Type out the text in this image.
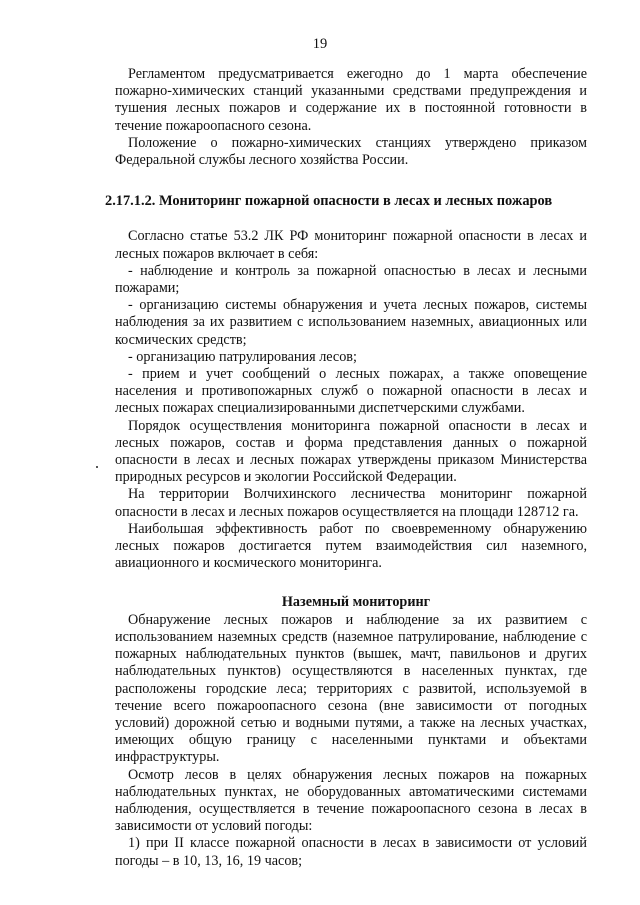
19

Регламентом предусматривается ежегодно до 1 марта обеспечение пожарно-химических станций указанными средствами предупреждения и тушения лесных пожаров и содержание их в постоянной готовности в течение пожароопасного сезона.

Положение о пожарно-химических станциях утверждено приказом Федеральной службы лесного хозяйства России.

2.17.1.2. Мониторинг пожарной опасности в лесах и лесных пожаров

Согласно статье 53.2 ЛК РФ мониторинг пожарной опасности в лесах и лесных пожаров включает в себя:

- наблюдение и контроль за пожарной опасностью в лесах и лесными пожарами;

- организацию системы обнаружения и учета лесных пожаров, системы наблюдения за их развитием с использованием наземных, авиационных или космических средств;

- организацию патрулирования лесов;

- прием и учет сообщений о лесных пожарах, а также оповещение населения и противопожарных служб о пожарной опасности в лесах и лесных пожарах специализированными диспетчерскими службами.

Порядок осуществления мониторинга пожарной опасности в лесах и лесных пожаров, состав и форма представления данных о пожарной опасности в лесах и лесных пожарах утверждены приказом Министерства природных ресурсов и экологии Российской Федерации.

На территории Волчихинского лесничества мониторинг пожарной опасности в лесах и лесных пожаров осуществляется на площади 128712 га.

Наибольшая эффективность работ по своевременному обнаружению лесных пожаров достигается путем взаимодействия сил наземного, авиационного и космического мониторинга.

Наземный мониторинг

Обнаружение лесных пожаров и наблюдение за их развитием с использованием наземных средств (наземное патрулирование, наблюдение с пожарных наблюдательных пунктов (вышек, мачт, павильонов и других наблюдательных пунктов) осуществляются в населенных пунктах, где расположены городские леса; территориях с развитой, используемой в течение всего пожароопасного сезона (вне зависимости от погодных условий) дорожной сетью и водными путями, а также на лесных участках, имеющих общую границу с населенными пунктами и объектами инфраструктуры.

Осмотр лесов в целях обнаружения лесных пожаров на пожарных наблюдательных пунктах, не оборудованных автоматическими системами наблюдения, осуществляется в течение пожароопасного сезона в лесах в зависимости от условий погоды:

1) при II классе пожарной опасности в лесах в зависимости от условий погоды – в 10, 13, 16, 19 часов;
